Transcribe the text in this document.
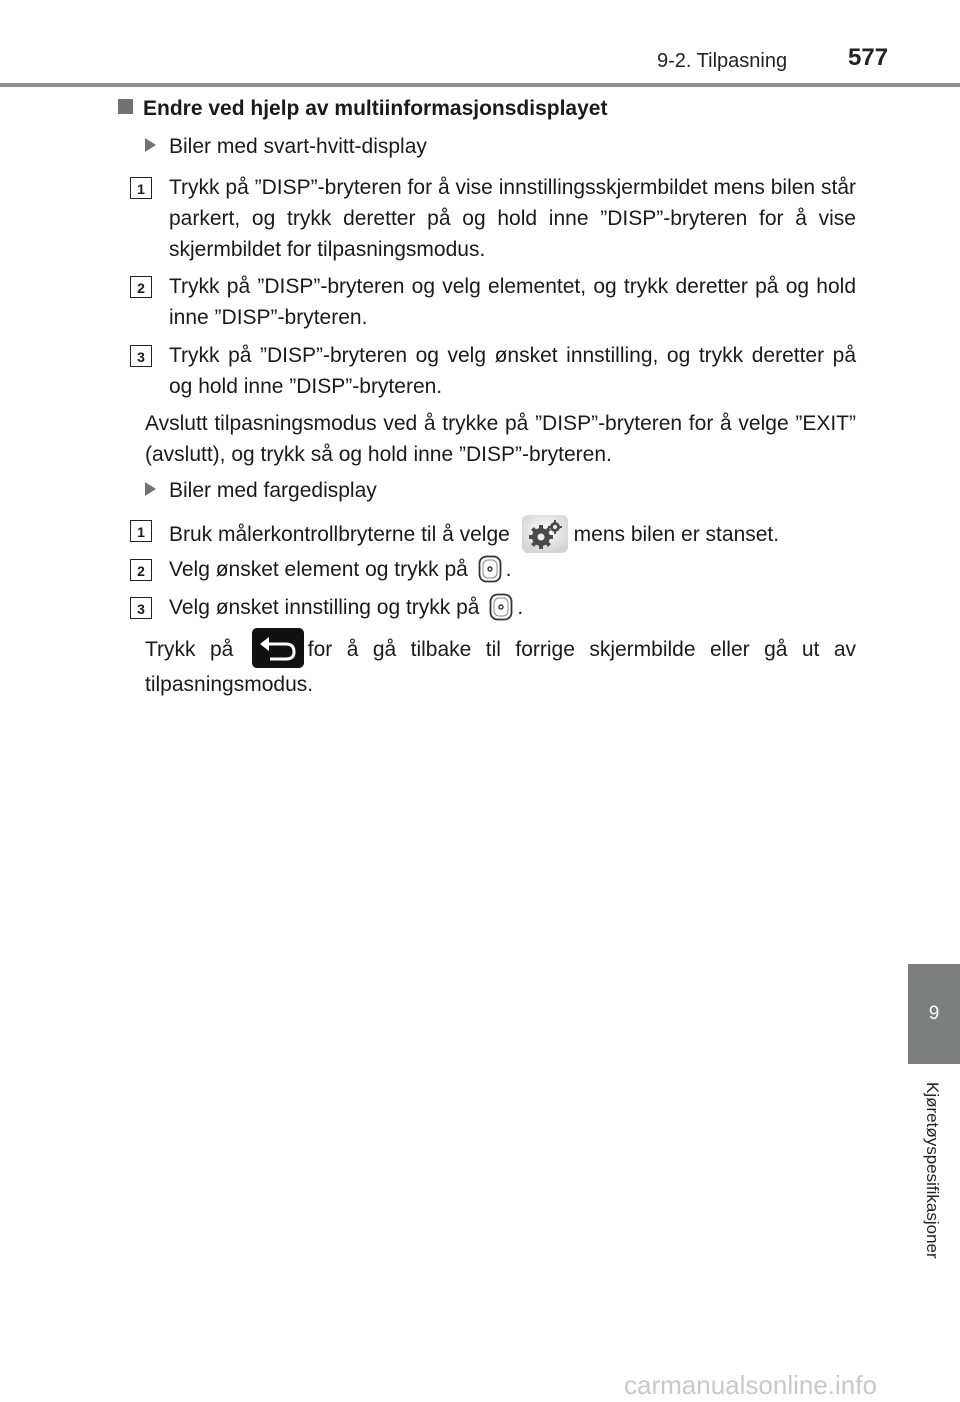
9-2. Tilpasning	577
9
Kjøretøyspesifikasjoner
Endre ved hjelp av multiinformasjonsdisplayet
Biler med svart-hvitt-display
1	Trykk på ”DISP”-bryteren for å vise innstillingsskjermbildet mens bilen står parkert, og trykk deretter på og hold inne ”DISP”-bryteren for å vise skjermbildet for tilpasningsmodus.
2	Trykk på ”DISP”-bryteren og velg elementet, og trykk deretter på og hold inne ”DISP”-bryteren.
3	Trykk på ”DISP”-bryteren og velg ønsket innstilling, og trykk deretter på og hold inne ”DISP”-bryteren.
Avslutt tilpasningsmodus ved å trykke på ”DISP”-bryteren for å velge ”EXIT” (avslutt), og trykk så og hold inne ”DISP”-bryteren.
Biler med fargedisplay
1	Bruk målerkontrollbryterne til å velge	mens bilen er stanset.
2	Velg ønsket element og trykk på .
3	Velg ønsket innstilling og trykk på .
Trykk på	for å gå tilbake til forrige skjermbilde eller gå ut av tilpasningsmodus.
carmanualsonline.info
